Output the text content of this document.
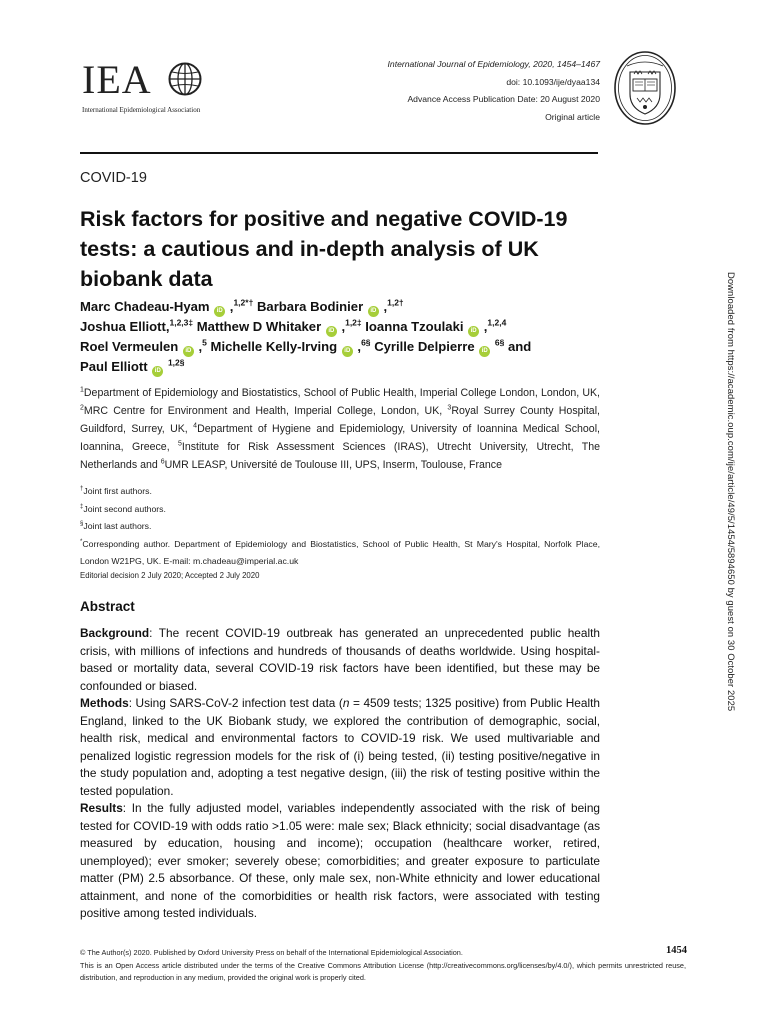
IEA
International Epidemiological Association
International Journal of Epidemiology, 2020, 1454–1467
doi: 10.1093/ije/dyaa134
Advance Access Publication Date: 20 August 2020
Original article
COVID-19
Risk factors for positive and negative COVID-19 tests: a cautious and in-depth analysis of UK biobank data
Marc Chadeau-Hyam iD ,$^{1,2*\dagger}$ Barbara Bodinier iD ,$^{1,2\dagger}$
Joshua Elliott,$^{1,2,3\ddagger}$ Matthew D Whitaker iD ,$^{1,2\ddagger}$ Ioanna Tzoulaki iD ,$^{1,2,4}$
Roel Vermeulen iD ,$^5$ Michelle Kelly-Irving iD ,$^{6\S}$ Cyrille Delpierre iD $^{6\S}$ and
Paul Elliott iD $^{1,2\S}$
$^1$Department of Epidemiology and Biostatistics, School of Public Health, Imperial College London, London, UK, $^2$MRC Centre for Environment and Health, Imperial College, London, UK, $^3$Royal Surrey County Hospital, Guildford, Surrey, UK, $^4$Department of Hygiene and Epidemiology, University of Ioannina Medical School, Ioannina, Greece, $^5$Institute for Risk Assessment Sciences (IRAS), Utrecht University, Utrecht, The Netherlands and $^6$UMR LEASP, Université de Toulouse III, UPS, Inserm, Toulouse, France
†Joint first authors.
‡Joint second authors.
§Joint last authors.
*Corresponding author. Department of Epidemiology and Biostatistics, School of Public Health, St Mary's Hospital, Norfolk Place, London W21PG, UK. E-mail: m.chadeau@imperial.ac.uk
Editorial decision 2 July 2020; Accepted 2 July 2020
Abstract

Background: The recent COVID-19 outbreak has generated an unprecedented public health crisis, with millions of infections and hundreds of thousands of deaths worldwide. Using hospital-based or mortality data, several COVID-19 risk factors have been identified, but these may be confounded or biased.

Methods: Using SARS-CoV-2 infection test data (n = 4509 tests; 1325 positive) from Public Health England, linked to the UK Biobank study, we explored the contribution of demographic, social, health risk, medical and environmental factors to COVID-19 risk. We used multivariable and penalized logistic regression models for the risk of (i) being tested, (ii) testing positive/negative in the study population and, adopting a test negative design, (iii) the risk of testing positive within the tested population.

Results: In the fully adjusted model, variables independently associated with the risk of being tested for COVID-19 with odds ratio >1.05 were: male sex; Black ethnicity; social disadvantage (as measured by education, housing and income); occupation (healthcare worker, retired, unemployed); ever smoker; severely obese; comorbidities; and greater exposure to particulate matter (PM) 2.5 absorbance. Of these, only male sex, non-White ethnicity and lower educational attainment, and none of the comorbidities or health risk factors, were associated with testing positive among tested individuals.

Downloaded from https://academic.oup.com/ije/article/49/5/1454/5894650 by guest on 30 October 2025
© The Author(s) 2020. Published by Oxford University Press on behalf of the International Epidemiological Association.
This is an Open Access article distributed under the terms of the Creative Commons Attribution License (http://creativecommons.org/licenses/by/4.0/), which permits unrestricted reuse, distribution, and reproduction in any medium, provided the original work is properly cited.
1454
